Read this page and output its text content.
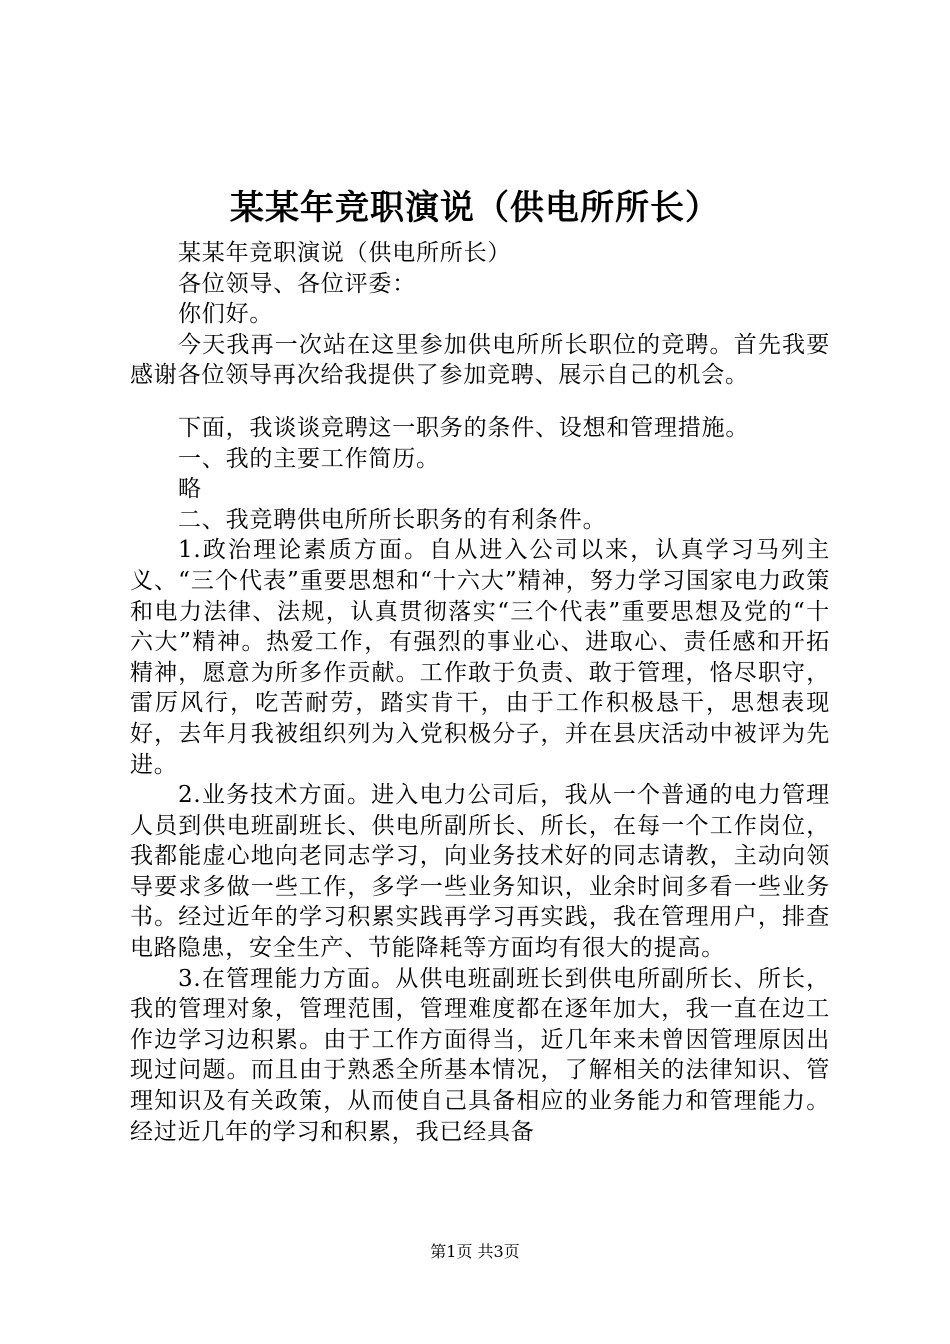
某某年竞职演说（供电所所长）

某某年竞职演说（供电所所长）

各位领导、各位评委：

你们好。

今天我再一次站在这里参加供电所所长职位的竞聘。首先我要感谢各位领导再次给我提供了参加竞聘、展示自己的机会。

下面，我谈谈竞聘这一职务的条件、设想和管理措施。

一、我的主要工作简历。

略

二、我竞聘供电所所长职务的有利条件。

1.政治理论素质方面。自从进入公司以来，认真学习马列主义、“三个代表”重要思想和“十六大”精神，努力学习国家电力政策和电力法律、法规，认真贯彻落实“三个代表”重要思想及党的“十六大”精神。热爱工作，有强烈的事业心、进取心、责任感和开拓精神，愿意为所多作贡献。工作敢于负责、敢于管理，恪尽职守，雷厉风行，吃苦耐劳，踏实肯干，由于工作积极恳干，思想表现好，去年月我被组织列为入党积极分子，并在县庆活动中被评为先进。

2.业务技术方面。进入电力公司后，我从一个普通的电力管理人员到供电班副班长、供电所副所长、所长，在每一个工作岗位，我都能虚心地向老同志学习，向业务技术好的同志请教，主动向领导要求多做一些工作，多学一些业务知识，业余时间多看一些业务书。经过近年的学习积累实践再学习再实践，我在管理用户，排查电路隐患，安全生产、节能降耗等方面均有很大的提高。

3.在管理能力方面。从供电班副班长到供电所副所长、所长，我的管理对象，管理范围，管理难度都在逐年加大，我一直在边工作边学习边积累。由于工作方面得当，近几年来未曾因管理原因出现过问题。而且由于熟悉全所基本情况，了解相关的法律知识、管理知识及有关政策，从而使自己具备相应的业务能力和管理能力。经过近几年的学习和积累，我已经具备

第1页 共3页
